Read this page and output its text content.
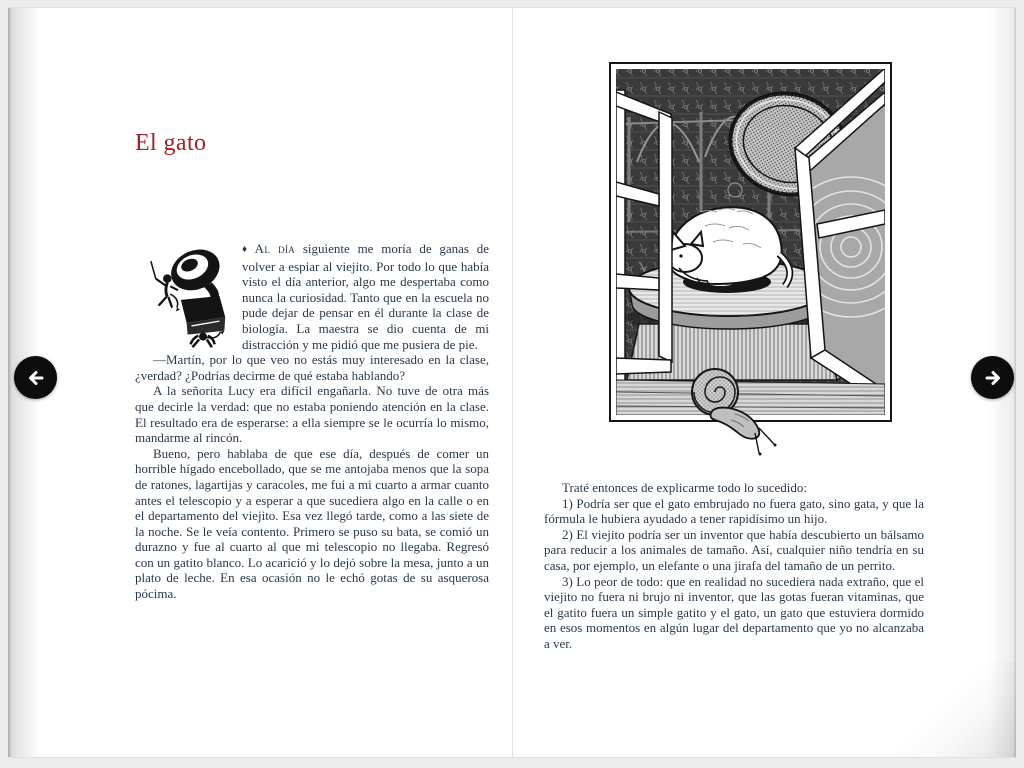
El gato

♦ Al día siguiente me moría de ganas de volver a espiar al viejito. Por todo lo que había visto el día anterior, algo me despertaba como nunca la curiosidad. Tanto que en la escuela no pude dejar de pensar en él durante la clase de biología. La maestra se dio cuenta de mi distracción y me pidió que me pusiera de pie.

—Martín, por lo que veo no estás muy interesado en la clase, ¿verdad? ¿Podrías decirme de qué estaba hablando?

A la señorita Lucy era difícil engañarla. No tuve de otra más que decirle la verdad: que no estaba poniendo atención en la clase. El resultado era de esperarse: a ella siempre se le ocurría lo mismo, mandarme al rincón.

Bueno, pero hablaba de que ese día, después de comer un horrible hígado encebollado, que se me antojaba menos que la sopa de ratones, lagartijas y caracoles, me fui a mi cuarto a armar cuanto antes el telescopio y a esperar a que sucediera algo en la calle o en el departamento del viejito. Esa vez llegó tarde, como a las siete de la noche. Se le veía contento. Primero se puso su bata, se comió un durazno y fue al cuarto al que mi telescopio no llegaba. Regresó con un gatito blanco. Lo acarició y lo dejó sobre la mesa, junto a un plato de leche. En esa ocasión no le echó gotas de su asquerosa pócima.

Traté entonces de explicarme todo lo sucedido:

1) Podría ser que el gato embrujado no fuera gato, sino gata, y que la fórmula le hubiera ayudado a tener rapidísimo un hijo.

2) El viejito podría ser un inventor que había descubierto un bálsamo para reducir a los animales de tamaño. Así, cualquier niño tendría en su casa, por ejemplo, un elefante o una jirafa del tamaño de un perrito.

3) Lo peor de todo: que en realidad no sucediera nada extraño, que el viejito no fuera ni brujo ni inventor, que las gotas fueran vitaminas, que el gatito fuera un simple gatito y el gato, un gato que estuviera dormido en esos momentos en algún lugar del departamento que yo no alcanzaba a ver.
